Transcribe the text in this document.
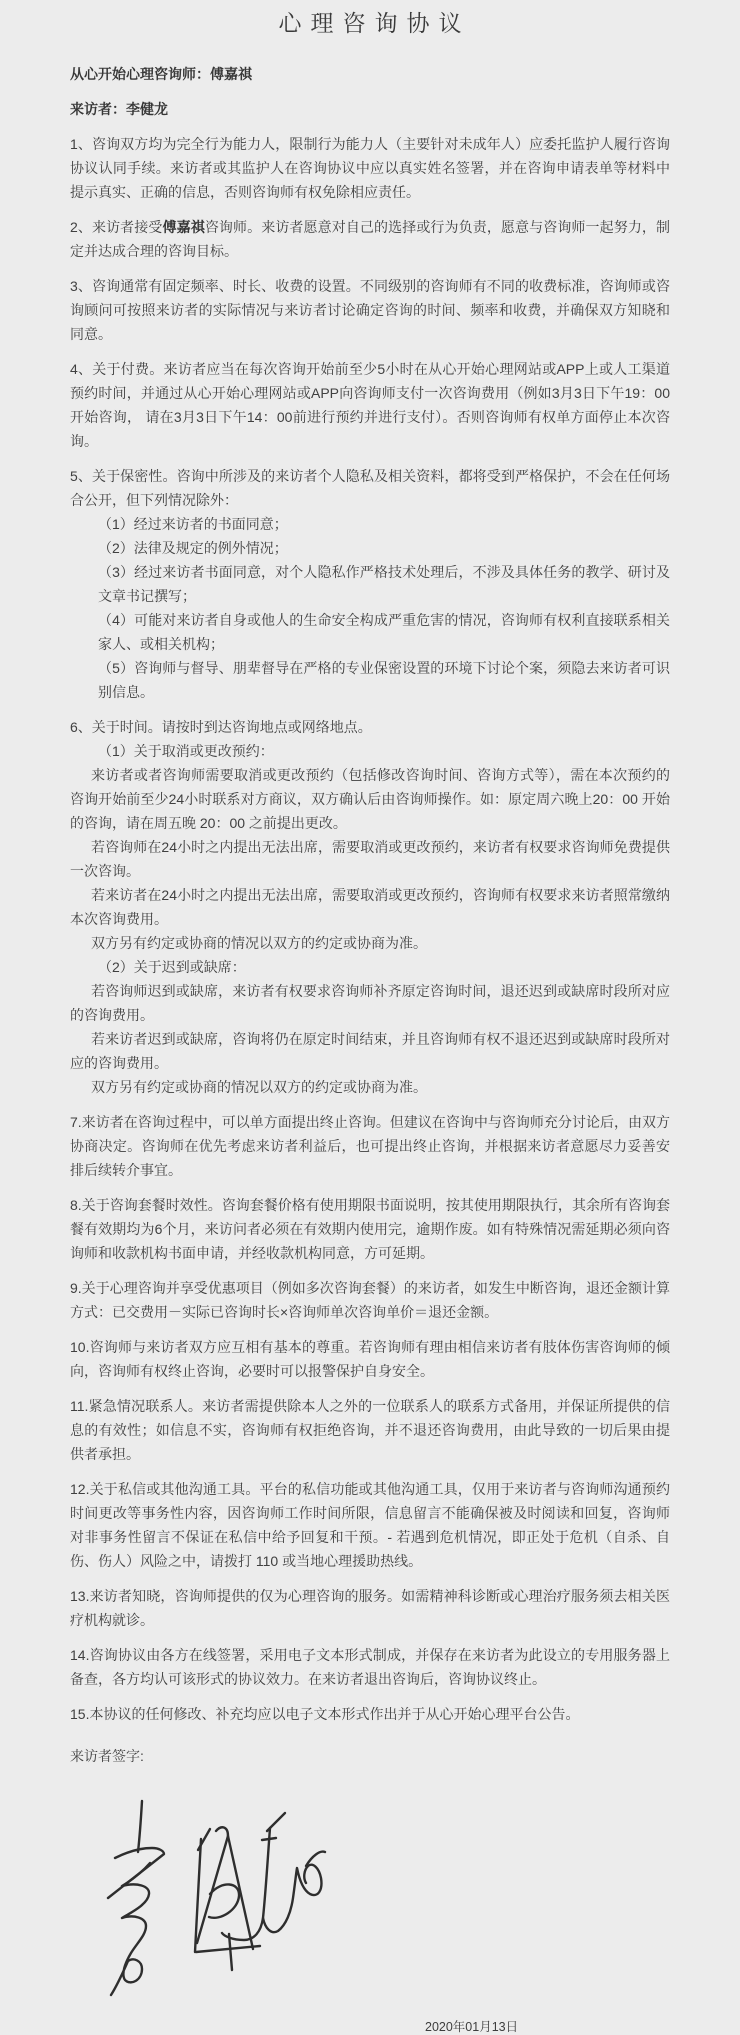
心理咨询协议

从心开始心理咨询师：傅嘉祺

来访者：李健龙

1、咨询双方均为完全行为能力人，限制行为能力人（主要针对未成年人）应委托监护人履行咨询协议认同手续。来访者或其监护人在咨询协议中应以真实姓名签署，并在咨询申请表单等材料中提示真实、正确的信息，否则咨询师有权免除相应责任。

2、来访者接受傅嘉祺咨询师。来访者愿意对自己的选择或行为负责，愿意与咨询师一起努力，制定并达成合理的咨询目标。

3、咨询通常有固定频率、时长、收费的设置。不同级别的咨询师有不同的收费标准，咨询师或咨询顾问可按照来访者的实际情况与来访者讨论确定咨询的时间、频率和收费，并确保双方知晓和同意。

4、关于付费。来访者应当在每次咨询开始前至少5小时在从心开始心理网站或APP上或人工渠道预约时间，并通过从心开始心理网站或APP向咨询师支付一次咨询费用（例如3月3日下午19：00开始咨询， 请在3月3日下午14：00前进行预约并进行支付）。否则咨询师有权单方面停止本次咨询。

5、关于保密性。咨询中所涉及的来访者个人隐私及相关资料，都将受到严格保护，不会在任何场合公开，但下列情况除外：

（1）经过来访者的书面同意；

（2）法律及规定的例外情况；

（3）经过来访者书面同意，对个人隐私作严格技术处理后，不涉及具体任务的教学、研讨及文章书记撰写；

（4）可能对来访者自身或他人的生命安全构成严重危害的情况，咨询师有权利直接联系相关家人、或相关机构；

（5）咨询师与督导、朋辈督导在严格的专业保密设置的环境下讨论个案，须隐去来访者可识别信息。

6、关于时间。请按时到达咨询地点或网络地点。

（1）关于取消或更改预约：

来访者或者咨询师需要取消或更改预约（包括修改咨询时间、咨询方式等），需在本次预约的咨询开始前至少24小时联系对方商议，双方确认后由咨询师操作。如：原定周六晚上20：00 开始的咨询，请在周五晚 20：00 之前提出更改。

若咨询师在24小时之内提出无法出席，需要取消或更改预约，来访者有权要求咨询师免费提供一次咨询。

若来访者在24小时之内提出无法出席，需要取消或更改预约，咨询师有权要求来访者照常缴纳本次咨询费用。

双方另有约定或协商的情况以双方的约定或协商为准。

（2）关于迟到或缺席：

若咨询师迟到或缺席，来访者有权要求咨询师补齐原定咨询时间，退还迟到或缺席时段所对应的咨询费用。

若来访者迟到或缺席，咨询将仍在原定时间结束，并且咨询师有权不退还迟到或缺席时段所对应的咨询费用。

双方另有约定或协商的情况以双方的约定或协商为准。

7.来访者在咨询过程中，可以单方面提出终止咨询。但建议在咨询中与咨询师充分讨论后，由双方协商决定。咨询师在优先考虑来访者利益后，也可提出终止咨询，并根据来访者意愿尽力妥善安排后续转介事宜。

8.关于咨询套餐时效性。咨询套餐价格有使用期限书面说明，按其使用期限执行，其余所有咨询套餐有效期均为6个月，来访问者必须在有效期内使用完，逾期作废。如有特殊情况需延期必须向咨询师和收款机构书面申请，并经收款机构同意，方可延期。

9.关于心理咨询并享受优惠项目（例如多次咨询套餐）的来访者，如发生中断咨询，退还金额计算方式：已交费用－实际已咨询时长×咨询师单次咨询单价＝退还金额。

10.咨询师与来访者双方应互相有基本的尊重。若咨询师有理由相信来访者有肢体伤害咨询师的倾向，咨询师有权终止咨询，必要时可以报警保护自身安全。

11.紧急情况联系人。来访者需提供除本人之外的一位联系人的联系方式备用，并保证所提供的信息的有效性；如信息不实，咨询师有权拒绝咨询，并不退还咨询费用，由此导致的一切后果由提供者承担。

12.关于私信或其他沟通工具。平台的私信功能或其他沟通工具，仅用于来访者与咨询师沟通预约时间更改等事务性内容，因咨询师工作时间所限，信息留言不能确保被及时阅读和回复，咨询师对非事务性留言不保证在私信中给予回复和干预。- 若遇到危机情况，即正处于危机（自杀、自伤、伤人）风险之中，请拨打 110 或当地心理援助热线。

13.来访者知晓，咨询师提供的仅为心理咨询的服务。如需精神科诊断或心理治疗服务须去相关医疗机构就诊。

14.咨询协议由各方在线签署，采用电子文本形式制成，并保存在来访者为此设立的专用服务器上备查，各方均认可该形式的协议效力。在来访者退出咨询后，咨询协议终止。

15.本协议的任何修改、补充均应以电子文本形式作出并于从心开始心理平台公告。

来访者签字:

2020年01月13日
